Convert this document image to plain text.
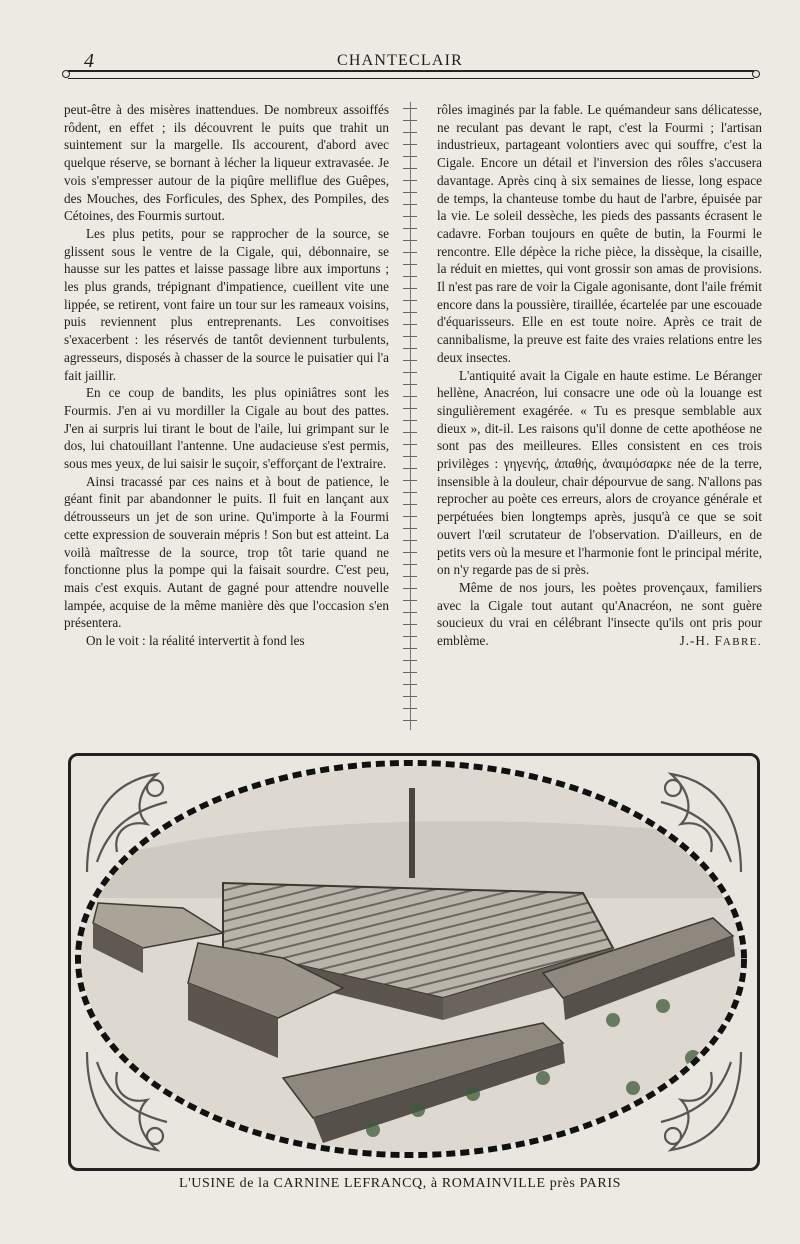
4	CHANTECLAIR

peut-être à des misères inattendues. De nombreux assoiffés rôdent, en effet ; ils découvrent le puits que trahit un suintement sur la margelle. Ils accourent, d'abord avec quelque réserve, se bornant à lécher la liqueur extravasée. Je vois s'empresser autour de la piqûre melliflue des Guêpes, des Mouches, des Forficules, des Sphex, des Pompiles, des Cétoines, des Fourmis surtout.

Les plus petits, pour se rapprocher de la source, se glissent sous le ventre de la Cigale, qui, débonnaire, se hausse sur les pattes et laisse passage libre aux importuns ; les plus grands, trépignant d'impatience, cueillent vite une lippée, se retirent, vont faire un tour sur les rameaux voisins, puis reviennent plus entreprenants. Les convoitises s'exacerbent : les réservés de tantôt deviennent turbulents, agresseurs, disposés à chasser de la source le puisatier qui l'a fait jaillir.

En ce coup de bandits, les plus opiniâtres sont les Fourmis. J'en ai vu mordiller la Cigale au bout des pattes. J'en ai surpris lui tirant le bout de l'aile, lui grimpant sur le dos, lui chatouillant l'antenne. Une audacieuse s'est permis, sous mes yeux, de lui saisir le suçoir, s'efforçant de l'extraire.

Ainsi tracassé par ces nains et à bout de patience, le géant finit par abandonner le puits. Il fuit en lançant aux détrousseurs un jet de son urine. Qu'importe à la Fourmi cette expression de souverain mépris ! Son but est atteint. La voilà maîtresse de la source, trop tôt tarie quand ne fonctionne plus la pompe qui la faisait sourdre. C'est peu, mais c'est exquis. Autant de gagné pour attendre nouvelle lampée, acquise de la même manière dès que l'occasion s'en présentera.

On le voit : la réalité intervertit à fond les

rôles imaginés par la fable. Le quémandeur sans délicatesse, ne reculant pas devant le rapt, c'est la Fourmi ; l'artisan industrieux, partageant volontiers avec qui souffre, c'est la Cigale. Encore un détail et l'inversion des rôles s'accusera davantage. Après cinq à six semaines de liesse, long espace de temps, la chanteuse tombe du haut de l'arbre, épuisée par la vie. Le soleil dessèche, les pieds des passants écrasent le cadavre. Forban toujours en quête de butin, la Fourmi le rencontre. Elle dépèce la riche pièce, la dissèque, la cisaille, la réduit en miettes, qui vont grossir son amas de provisions. Il n'est pas rare de voir la Cigale agonisante, dont l'aile frémit encore dans la poussière, tiraillée, écartelée par une escouade d'équarisseurs. Elle en est toute noire. Après ce trait de cannibalisme, la preuve est faite des vraies relations entre les deux insectes.

L'antiquité avait la Cigale en haute estime. Le Béranger hellène, Anacréon, lui consacre une ode où la louange est singulièrement exagérée. « Tu es presque semblable aux dieux », dit-il. Les raisons qu'il donne de cette apothéose ne sont pas des meilleures. Elles consistent en ces trois privilèges : γηγενής, ἀπαθής, ἀναιμόσαρκε née de la terre, insensible à la douleur, chair dépourvue de sang. N'allons pas reprocher au poète ces erreurs, alors de croyance générale et perpétuées bien longtemps après, jusqu'à ce que se soit ouvert l'œil scrutateur de l'observation. D'ailleurs, en de petits vers où la mesure et l'harmonie font le principal mérite, on n'y regarde pas de si près.

Même de nos jours, les poètes provençaux, familiers avec la Cigale tout autant qu'Anacréon, ne sont guère soucieux du vrai en célébrant l'insecte qu'ils ont pris pour emblème.	J.-H. FABRE.

L'USINE de la CARNINE LEFRANCQ, à ROMAINVILLE près PARIS
